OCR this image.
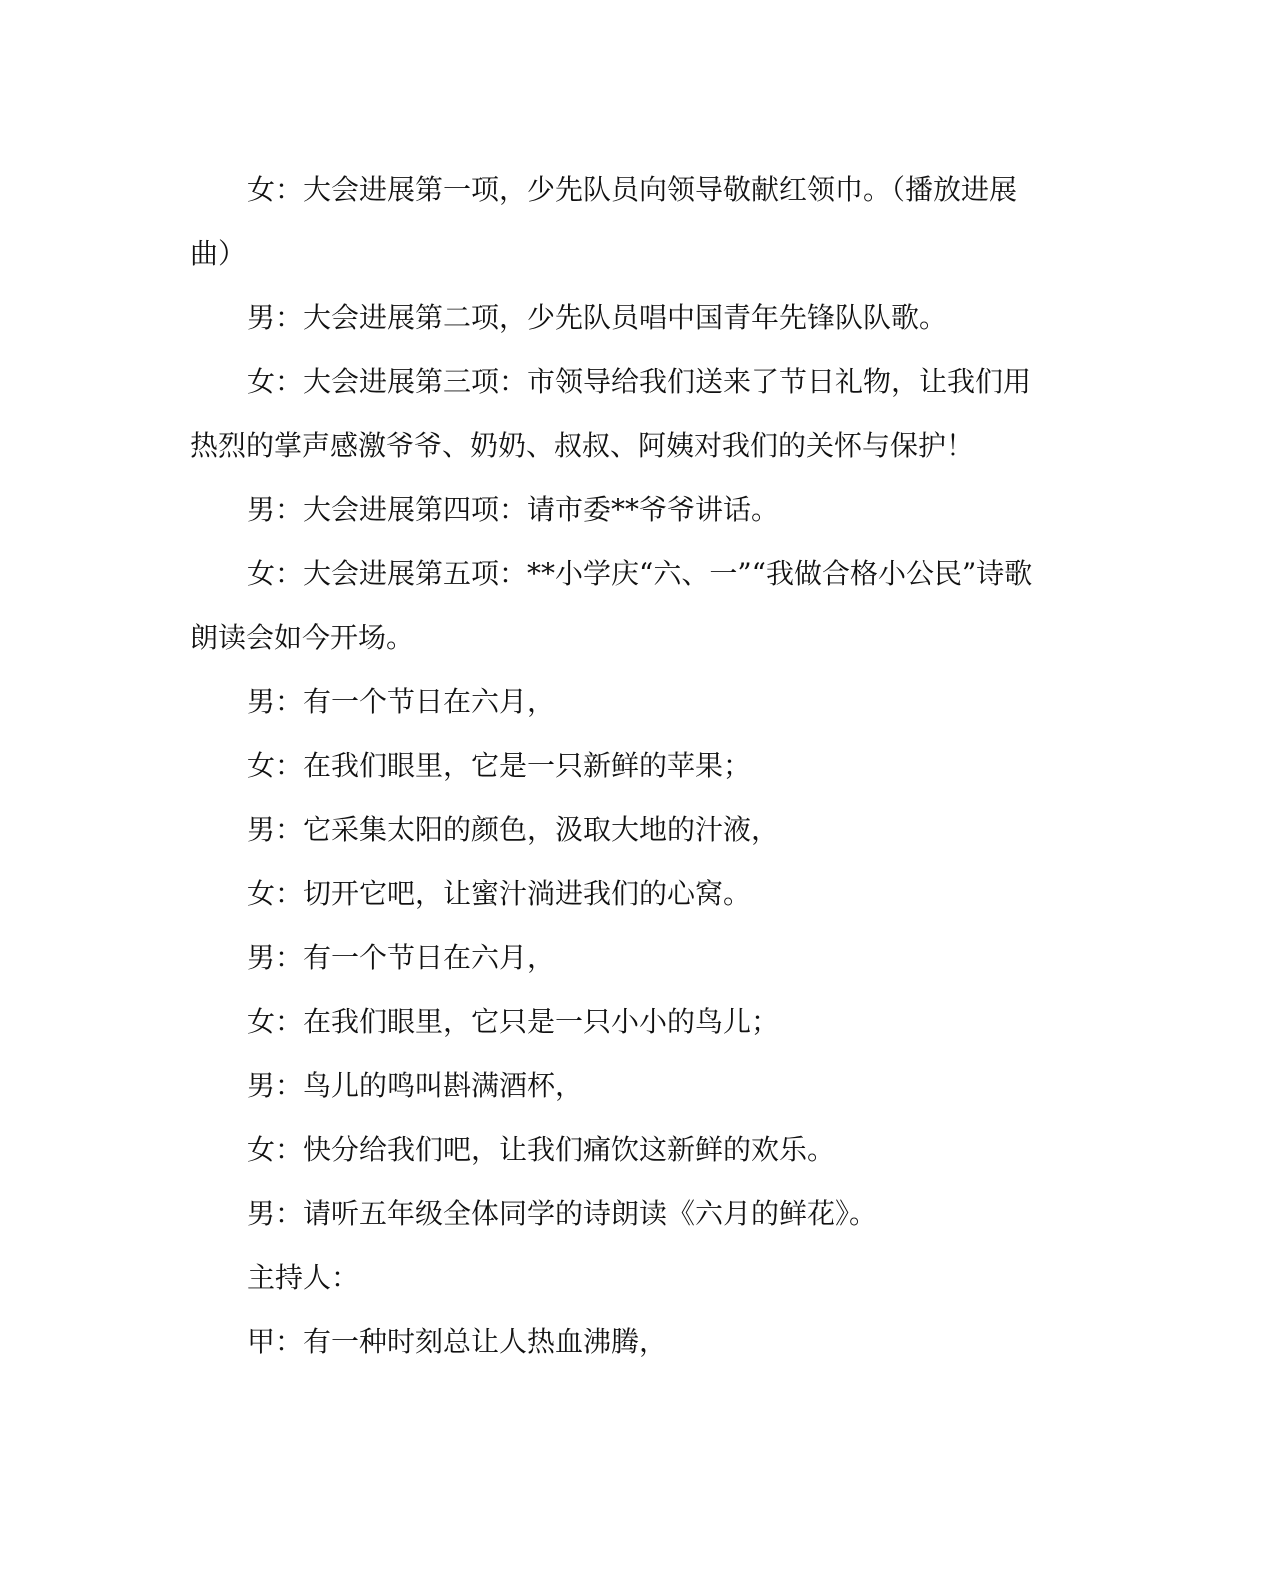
女：大会进展第一项，少先队员向领导敬献红领巾。（播放进展曲）

男：大会进展第二项，少先队员唱中国青年先锋队队歌。

女：大会进展第三项：市领导给我们送来了节日礼物，让我们用热烈的掌声感激爷爷、奶奶、叔叔、阿姨对我们的关怀与保护！

男：大会进展第四项：请市委**爷爷讲话。

女：大会进展第五项：**小学庆“六、一”“我做合格小公民”诗歌朗读会如今开场。

男：有一个节日在六月，

女：在我们眼里，它是一只新鲜的苹果；

男：它采集太阳的颜色，汲取大地的汁液，

女：切开它吧，让蜜汁淌进我们的心窝。

男：有一个节日在六月，

女：在我们眼里，它只是一只小小的鸟儿；

男：鸟儿的鸣叫斟满酒杯，

女：快分给我们吧，让我们痛饮这新鲜的欢乐。

男：请听五年级全体同学的诗朗读《六月的鲜花》。

主持人：

甲：有一种时刻总让人热血沸腾，
